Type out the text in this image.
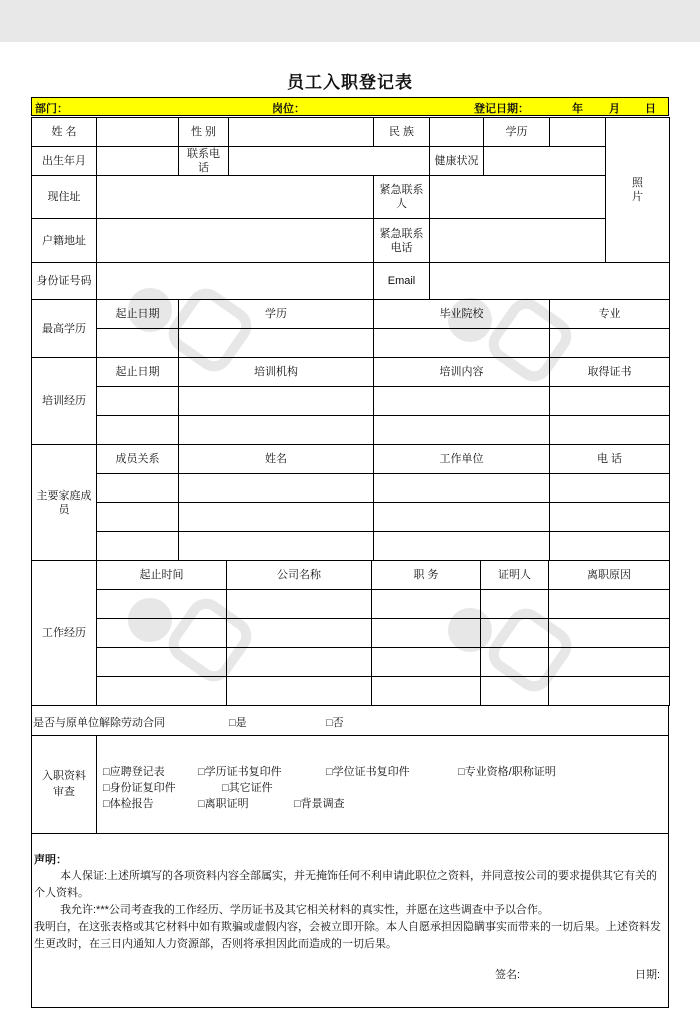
员工入职登记表
部门：	岗位：	登记日期：	年 月 日
姓 名		性 别		民 族		学历		照片

出生年月		联系电话			健康状况			
现住址				紧急联系人				
户籍地址				紧急联系电话				
身份证号码				Email				
最高学历	起止日期	学历	毕业院校	专业

培训经历	起止日期	培训机构	培训内容	取得证书

主要家庭成员	成员关系	姓名	工作单位	电 话

工作经历	起止时间	公司名称	职 务	证明人	离职原因

是否与原单位解除劳动合同	□是	□否
入职资料审查
□应聘登记表	□学历证书复印件	□学位证书复印件	□专业资格/职称证明
□身份证复印件	□其它证件
□体检报告	□离职证明	□背景调查
声明：
本人保证:上述所填写的各项资料内容全部属实，并无掩饰任何不利申请此职位之资料，并同意按公司的要求提供其它有关的个人资料。
我允许:***公司考查我的工作经历、学历证书及其它相关材料的真实性，并愿在这些调查中予以合作。
我明白，在这张表格或其它材料中如有欺骗或虚假内容，会被立即开除。本人自愿承担因隐瞒事实而带来的一切后果。上述资料发生更改时，在三日内通知人力资源部，否则将承担因此而造成的一切后果。
签名:	日期:
